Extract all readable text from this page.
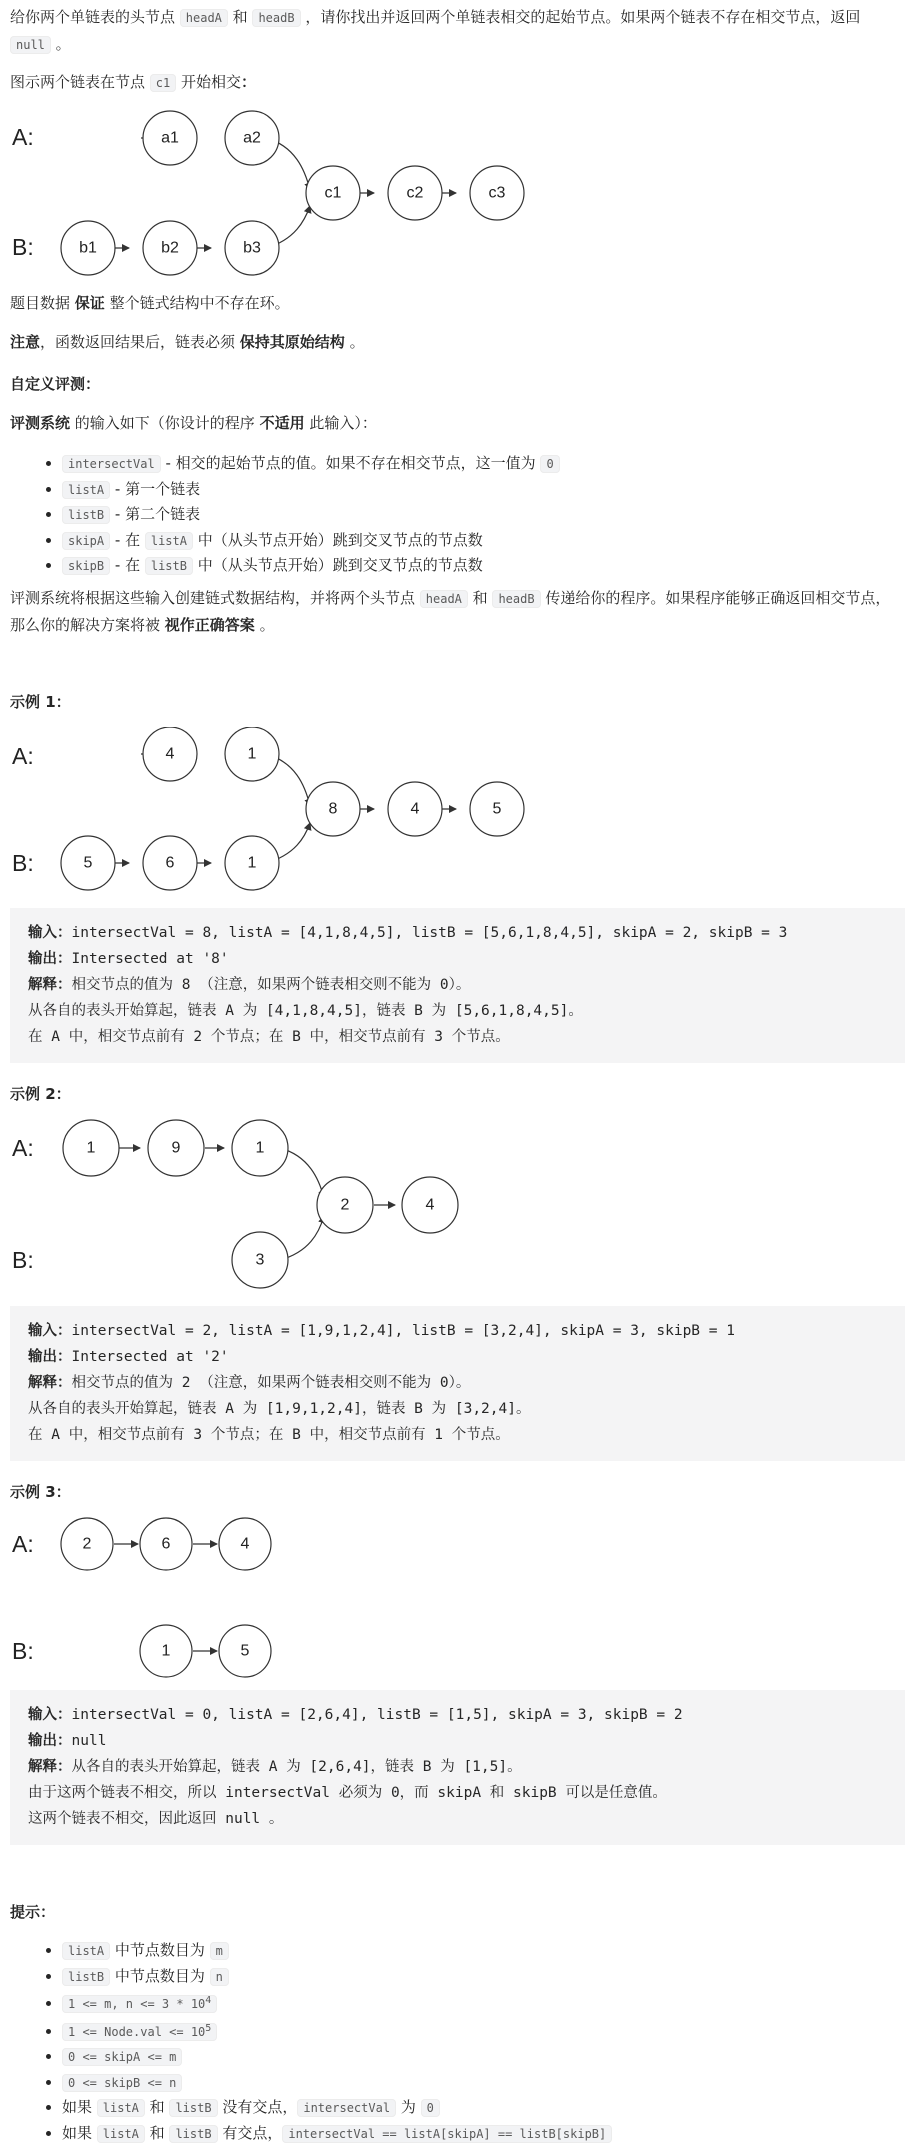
给你两个单链表的头节点 headA 和 headB ，请你找出并返回两个单链表相交的起始节点。如果两个链表不存在相交节点，返回 null 。
图示两个链表在节点 c1 开始相交：
A:
B:
a1	a2
b1	b2	b3
c1	c2	c3
题目数据 保证 整个链式结构中不存在环。
注意，函数返回结果后，链表必须 保持其原始结构 。
自定义评测：
评测系统 的输入如下（你设计的程序 不适用 此输入）：
• intersectVal - 相交的起始节点的值。如果不存在相交节点，这一值为 0
• listA - 第一个链表
• listB - 第二个链表
• skipA - 在 listA 中（从头节点开始）跳到交叉节点的节点数
• skipB - 在 listB 中（从头节点开始）跳到交叉节点的节点数
评测系统将根据这些输入创建链式数据结构，并将两个头节点 headA 和 headB 传递给你的程序。如果程序能够正确返回相交节点，那么你的解决方案将被 视作正确答案 。
示例 1：
A:
B:
4	1
5	6	1
8	4	5
输入：intersectVal = 8, listA = [4,1,8,4,5], listB = [5,6,1,8,4,5], skipA = 2, skipB = 3
输出：Intersected at '8'
解释：相交节点的值为 8 （注意，如果两个链表相交则不能为 0）。
从各自的表头开始算起，链表 A 为 [4,1,8,4,5]，链表 B 为 [5,6,1,8,4,5]。
在 A 中，相交节点前有 2 个节点；在 B 中，相交节点前有 3 个节点。
示例 2：
A:
B:
1	9	1
3
2	4
输入：intersectVal = 2, listA = [1,9,1,2,4], listB = [3,2,4], skipA = 3, skipB = 1
输出：Intersected at '2'
解释：相交节点的值为 2 （注意，如果两个链表相交则不能为 0）。
从各自的表头开始算起，链表 A 为 [1,9,1,2,4]，链表 B 为 [3,2,4]。
在 A 中，相交节点前有 3 个节点；在 B 中，相交节点前有 1 个节点。
示例 3：
A:
B:
2	6	4
1	5
输入：intersectVal = 0, listA = [2,6,4], listB = [1,5], skipA = 3, skipB = 2
输出：null
解释：从各自的表头开始算起，链表 A 为 [2,6,4]，链表 B 为 [1,5]。
由于这两个链表不相交，所以 intersectVal 必须为 0，而 skipA 和 skipB 可以是任意值。
这两个链表不相交，因此返回 null 。
提示：
• listA 中节点数目为 m
• listB 中节点数目为 n
• 1 <= m, $n <= 3 * 10^4$
• 1 <= Node.val <= $10^5$
• 0 <= skipA <= m
• 0 <= skipB <= n
• 如果 listA 和 listB 没有交点， intersectVal 为 0
• 如果 listA 和 listB 有交点， intersectVal == listA[skipA] == listB[skipB]
